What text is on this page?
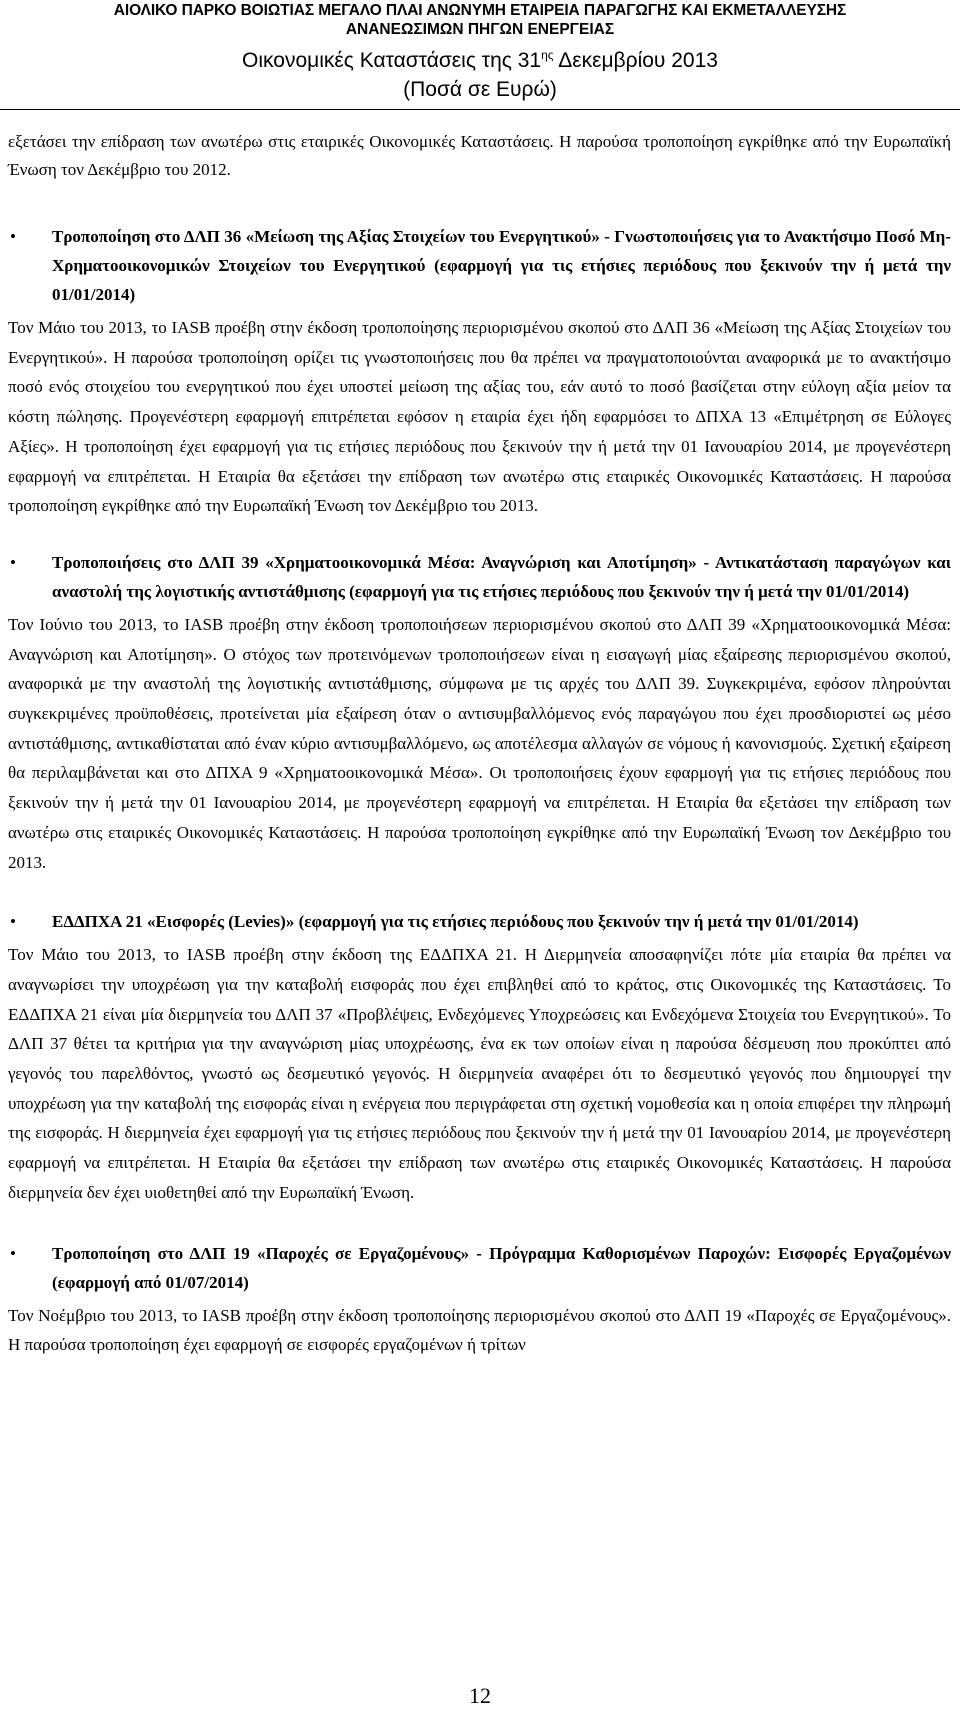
ΑΙΟΛΙΚΟ ΠΑΡΚΟ ΒΟΙΩΤΙΑΣ ΜΕΓΑΛΟ ΠΛΑΙ ΑΝΩΝΥΜΗ ΕΤΑΙΡΕΙΑ ΠΑΡΑΓΩΓΗΣ ΚΑΙ ΕΚΜΕΤΑΛΛΕΥΣΗΣ
ΑΝΑΝΕΩΣΙΜΩΝ ΠΗΓΩΝ ΕΝΕΡΓΕΙΑΣ
Οικονομικές Καταστάσεις της $31^{\eta\varsigma}$ Δεκεμβρίου 2013
(Ποσά σε Ευρώ)

εξετάσει την επίδραση των ανωτέρω στις εταιρικές Οικονομικές Καταστάσεις. Η παρούσα τροποποίηση εγκρίθηκε από την Ευρωπαϊκή Ένωση τον Δεκέμβριο του 2012.

• Τροποποίηση στο ΔΛΠ 36 «Μείωση της Αξίας Στοιχείων του Ενεργητικού» - Γνωστοποιήσεις για το Ανακτήσιμο Ποσό Μη-Χρηματοοικονομικών Στοιχείων του Ενεργητικού (εφαρμογή για τις ετήσιες περιόδους που ξεκινούν την ή μετά την 01/01/2014)

Τον Μάιο του 2013, το IASB προέβη στην έκδοση τροποποίησης περιορισμένου σκοπού στο ΔΛΠ 36 «Μείωση της Αξίας Στοιχείων του Ενεργητικού». Η παρούσα τροποποίηση ορίζει τις γνωστοποιήσεις που θα πρέπει να πραγματοποιούνται αναφορικά με το ανακτήσιμο ποσό ενός στοιχείου του ενεργητικού που έχει υποστεί μείωση της αξίας του, εάν αυτό το ποσό βασίζεται στην εύλογη αξία μείον τα κόστη πώλησης. Προγενέστερη εφαρμογή επιτρέπεται εφόσον η εταιρία έχει ήδη εφαρμόσει το ΔΠΧΑ 13 «Επιμέτρηση σε Εύλογες Αξίες». Η τροποποίηση έχει εφαρμογή για τις ετήσιες περιόδους που ξεκινούν την ή μετά την 01 Ιανουαρίου 2014, με προγενέστερη εφαρμογή να επιτρέπεται. Η Εταιρία θα εξετάσει την επίδραση των ανωτέρω στις εταιρικές Οικονομικές Καταστάσεις. Η παρούσα τροποποίηση εγκρίθηκε από την Ευρωπαϊκή Ένωση τον Δεκέμβριο του 2013.

• Τροποποιήσεις στο ΔΛΠ 39 «Χρηματοοικονομικά Μέσα: Αναγνώριση και Αποτίμηση» - Αντικατάσταση παραγώγων και αναστολή της λογιστικής αντιστάθμισης (εφαρμογή για τις ετήσιες περιόδους που ξεκινούν την ή μετά την 01/01/2014)

Τον Ιούνιο του 2013, το IASB προέβη στην έκδοση τροποποιήσεων περιορισμένου σκοπού στο ΔΛΠ 39 «Χρηματοοικονομικά Μέσα: Αναγνώριση και Αποτίμηση». Ο στόχος των προτεινόμενων τροποποιήσεων είναι η εισαγωγή μίας εξαίρεσης περιορισμένου σκοπού, αναφορικά με την αναστολή της λογιστικής αντιστάθμισης, σύμφωνα με τις αρχές του ΔΛΠ 39. Συγκεκριμένα, εφόσον πληρούνται συγκεκριμένες προϋποθέσεις, προτείνεται μία εξαίρεση όταν ο αντισυμβαλλόμενος ενός παραγώγου που έχει προσδιοριστεί ως μέσο αντιστάθμισης, αντικαθίσταται από έναν κύριο αντισυμβαλλόμενο, ως αποτέλεσμα αλλαγών σε νόμους ή κανονισμούς. Σχετική εξαίρεση θα περιλαμβάνεται και στο ΔΠΧΑ 9 «Χρηματοοικονομικά Μέσα». Οι τροποποιήσεις έχουν εφαρμογή για τις ετήσιες περιόδους που ξεκινούν την ή μετά την 01 Ιανουαρίου 2014, με προγενέστερη εφαρμογή να επιτρέπεται. Η Εταιρία θα εξετάσει την επίδραση των ανωτέρω στις εταιρικές Οικονομικές Καταστάσεις. Η παρούσα τροποποίηση εγκρίθηκε από την Ευρωπαϊκή Ένωση τον Δεκέμβριο του 2013.

• ΕΔΔΠΧΑ 21 «Εισφορές (Levies)» (εφαρμογή για τις ετήσιες περιόδους που ξεκινούν την ή μετά την 01/01/2014)

Τον Μάιο του 2013, το IASB προέβη στην έκδοση της ΕΔΔΠΧΑ 21. Η Διερμηνεία αποσαφηνίζει πότε μία εταιρία θα πρέπει να αναγνωρίσει την υποχρέωση για την καταβολή εισφοράς που έχει επιβληθεί από το κράτος, στις Οικονομικές της Καταστάσεις. Το ΕΔΔΠΧΑ 21 είναι μία διερμηνεία του ΔΛΠ 37 «Προβλέψεις, Ενδεχόμενες Υποχρεώσεις και Ενδεχόμενα Στοιχεία του Ενεργητικού». Το ΔΛΠ 37 θέτει τα κριτήρια για την αναγνώριση μίας υποχρέωσης, ένα εκ των οποίων είναι η παρούσα δέσμευση που προκύπτει από γεγονός του παρελθόντος, γνωστό ως δεσμευτικό γεγονός. Η διερμηνεία αναφέρει ότι το δεσμευτικό γεγονός που δημιουργεί την υποχρέωση για την καταβολή της εισφοράς είναι η ενέργεια που περιγράφεται στη σχετική νομοθεσία και η οποία επιφέρει την πληρωμή της εισφοράς. Η διερμηνεία έχει εφαρμογή για τις ετήσιες περιόδους που ξεκινούν την ή μετά την 01 Ιανουαρίου 2014, με προγενέστερη εφαρμογή να επιτρέπεται. Η Εταιρία θα εξετάσει την επίδραση των ανωτέρω στις εταιρικές Οικονομικές Καταστάσεις. Η παρούσα διερμηνεία δεν έχει υιοθετηθεί από την Ευρωπαϊκή Ένωση.

• Τροποποίηση στο ΔΛΠ 19 «Παροχές σε Εργαζομένους» - Πρόγραμμα Καθορισμένων Παροχών: Εισφορές Εργαζομένων (εφαρμογή από 01/07/2014)

Τον Νοέμβριο του 2013, το IASB προέβη στην έκδοση τροποποίησης περιορισμένου σκοπού στο ΔΛΠ 19 «Παροχές σε Εργαζομένους». Η παρούσα τροποποίηση έχει εφαρμογή σε εισφορές εργαζομένων ή τρίτων

12
